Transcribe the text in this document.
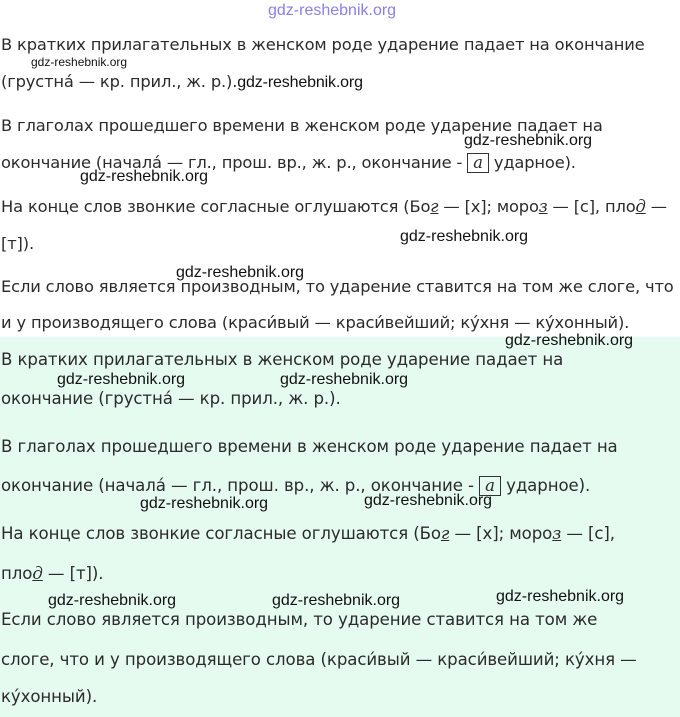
gdz-reshebnik.org
В кратких прилагательных в женском роде ударение падает на окончание
gdz-reshebnik.org
(грустна́ — кр. прил., ж. р.).gdz-reshebnik.org
В глаголах прошедшего времени в женском роде ударение падает на
gdz-reshebnik.org
окончание (начала́ — гл., прош. вр., ж. р., окончание - а ударное).
gdz-reshebnik.org
На конце слов звонкие согласные оглушаются (Бог — [х]; мороз — [с], плод —
[т]).	gdz-reshebnik.org
gdz-reshebnik.org
Если слово является производным, то ударение ставится на том же слоге, что
и у производящего слова (краси́вый — краси́вейший; ку́хня — ку́хонный).
gdz-reshebnik.org
В кратких прилагательных в женском роде ударение падает на
gdz-reshebnik.org	gdz-reshebnik.org
окончание (грустна́ — кр. прил., ж. р.).
В глаголах прошедшего времени в женском роде ударение падает на
окончание (начала́ — гл., прош. вр., ж. р., окончание - а ударное).
gdz-reshebnik.org
gdz-reshebnik.org
На конце слов звонкие согласные оглушаются (Бог — [х]; мороз — [с],
плод — [т]).
gdz-reshebnik.org	gdz-reshebnik.org	gdz-reshebnik.org
Если слово является производным, то ударение ставится на том же
слоге, что и у производящего слова (краси́вый — краси́вейший; ку́хня —
ку́хонный).
